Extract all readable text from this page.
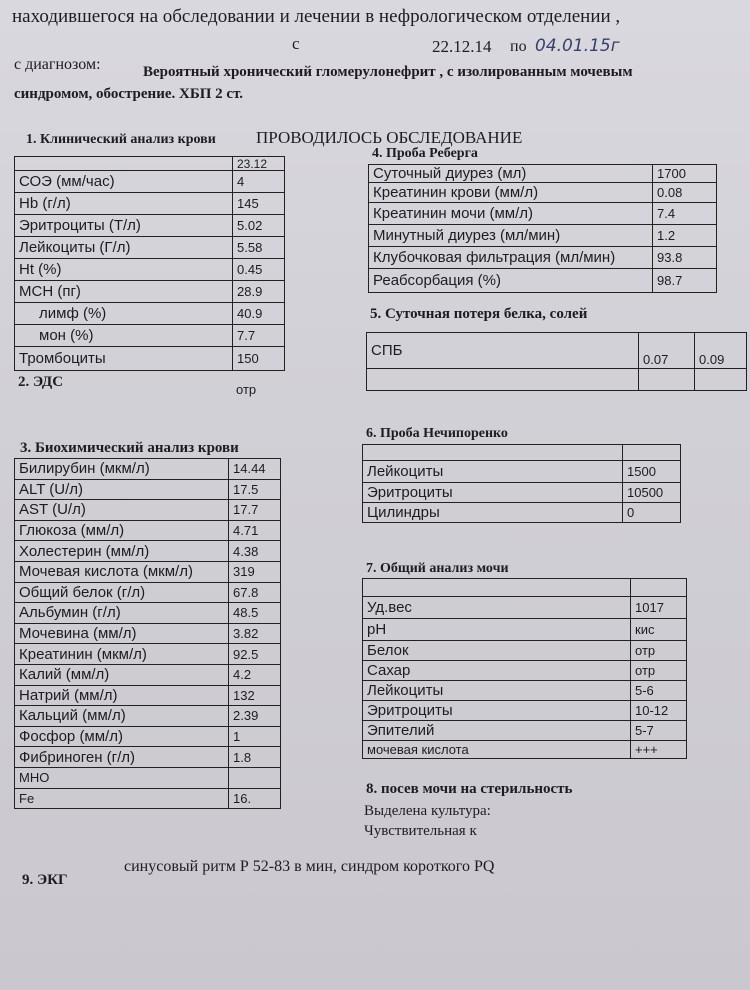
находившегося на обследовании и лечении в нефрологическом отделении ,
с	22.12.14 по 04.01.15г
с диагнозом:	Вероятный хронический гломерулонефрит , с изолированным мочевым
синдромом, обострение. ХБП 2 ст.
ПРОВОДИЛОСЬ ОБСЛЕДОВАНИЕ
1. Клинический анализ крови
	23.12
СОЭ (мм/час)	4
Hb (г/л)	145
Эритроциты (Т/л)	5.02
Лейкоциты (Г/л)	5.58
Ht (%)	0.45
МСН (пг)	28.9
лимф (%)	40.9
мон (%)	7.7
Тромбоциты	150
2. ЭДС	отр
3. Биохимический анализ крови
Билирубин (мкм/л)	14.44
ALT (U/л)	17.5
AST (U/л)	17.7
Глюкоза (мм/л)	4.71
Холестерин (мм/л)	4.38
Мочевая кислота (мкм/л)	319
Общий белок (г/л)	67.8
Альбумин (г/л)	48.5
Мочевина (мм/л)	3.82
Креатинин (мкм/л)	92.5
Калий (мм/л)	4.2
Натрий (мм/л)	132
Кальций (мм/л)	2.39
Фосфор (мм/л)	1
Фибриноген (г/л)	1.8
МНО	
Fe	16.
4. Проба Реберга
Суточный диурез (мл)	1700
Креатинин крови (мм/л)	0.08
Креатинин мочи (мм/л)	7.4
Минутный диурез (мл/мин)	1.2
Клубочковая фильтрация (мл/мин)	93.8
Реабсорбация (%)	98.7
5. Суточная потеря белка, солей
СПБ	0.07	0.09

6. Проба Нечипоренко

Лейкоциты	1500
Эритроциты	10500
Цилиндры	0
7. Общий анализ мочи

Уд.вес	1017
pH	кис
Белок	отр
Сахар	отр
Лейкоциты	5-6
Эритроциты	10-12
Эпителий	5-7
мочевая кислота	+++
8. посев мочи на стерильность
Выделена культура:
Чувствительная к
9. ЭКГ
синусовый ритм Р 52-83 в мин, синдром короткого PQ
